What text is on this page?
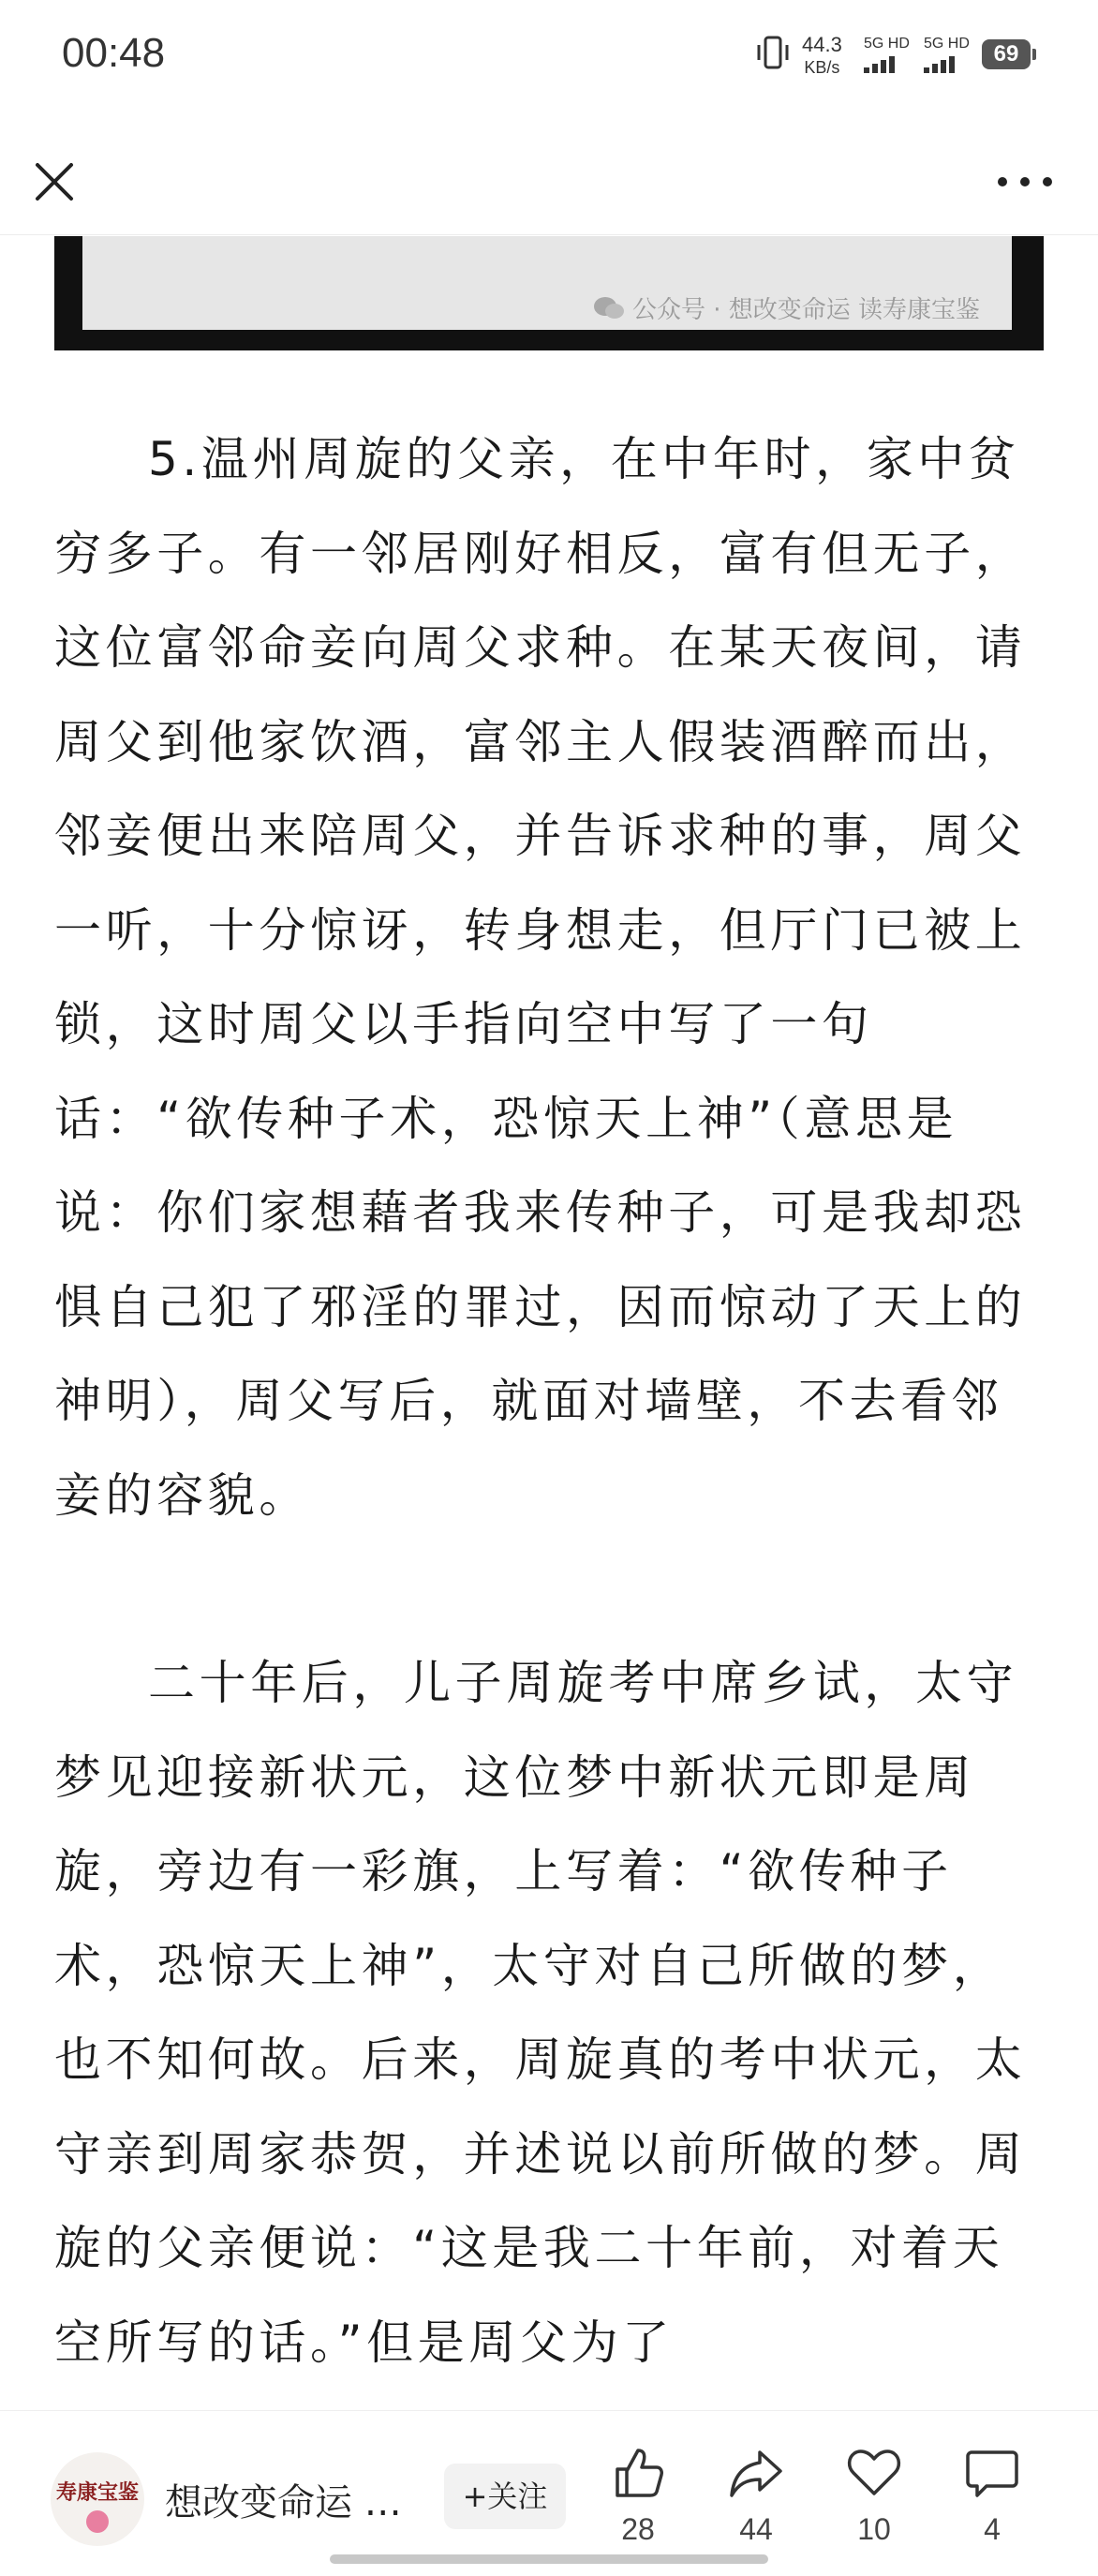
00:48	44.3
KB/s
5G HD 5G HD	69
公众号 · 想改变命运 读寿康宝鉴

5.温州周旋的父亲，在中年时，家中贫穷多子。有一邻居刚好相反，富有但无子，这位富邻命妾向周父求种。在某天夜间，请周父到他家饮酒，富邻主人假装酒醉而出，邻妾便出来陪周父，并告诉求种的事，周父一听，十分惊讶，转身想走，但厅门已被上锁，这时周父以手指向空中写了一句话：“欲传种子术，恐惊天上神”（意思是说：你们家想藉者我来传种子，可是我却恐惧自己犯了邪淫的罪过，因而惊动了天上的神明），周父写后，就面对墙壁，不去看邻妾的容貌。

二十年后，儿子周旋考中席乡试，太守梦见迎接新状元，这位梦中新状元即是周旋，旁边有一彩旗，上写着：“欲传种子术，恐惊天上神”，太守对自己所做的梦，也不知何故。后来，周旋真的考中状元，太守亲到周家恭贺，并述说以前所做的梦。周旋的父亲便说：“这是我二十年前，对着天空所写的话。”但是周父为了

寿康宝鉴 想改变命运 …	+关注
28	44	10	4
